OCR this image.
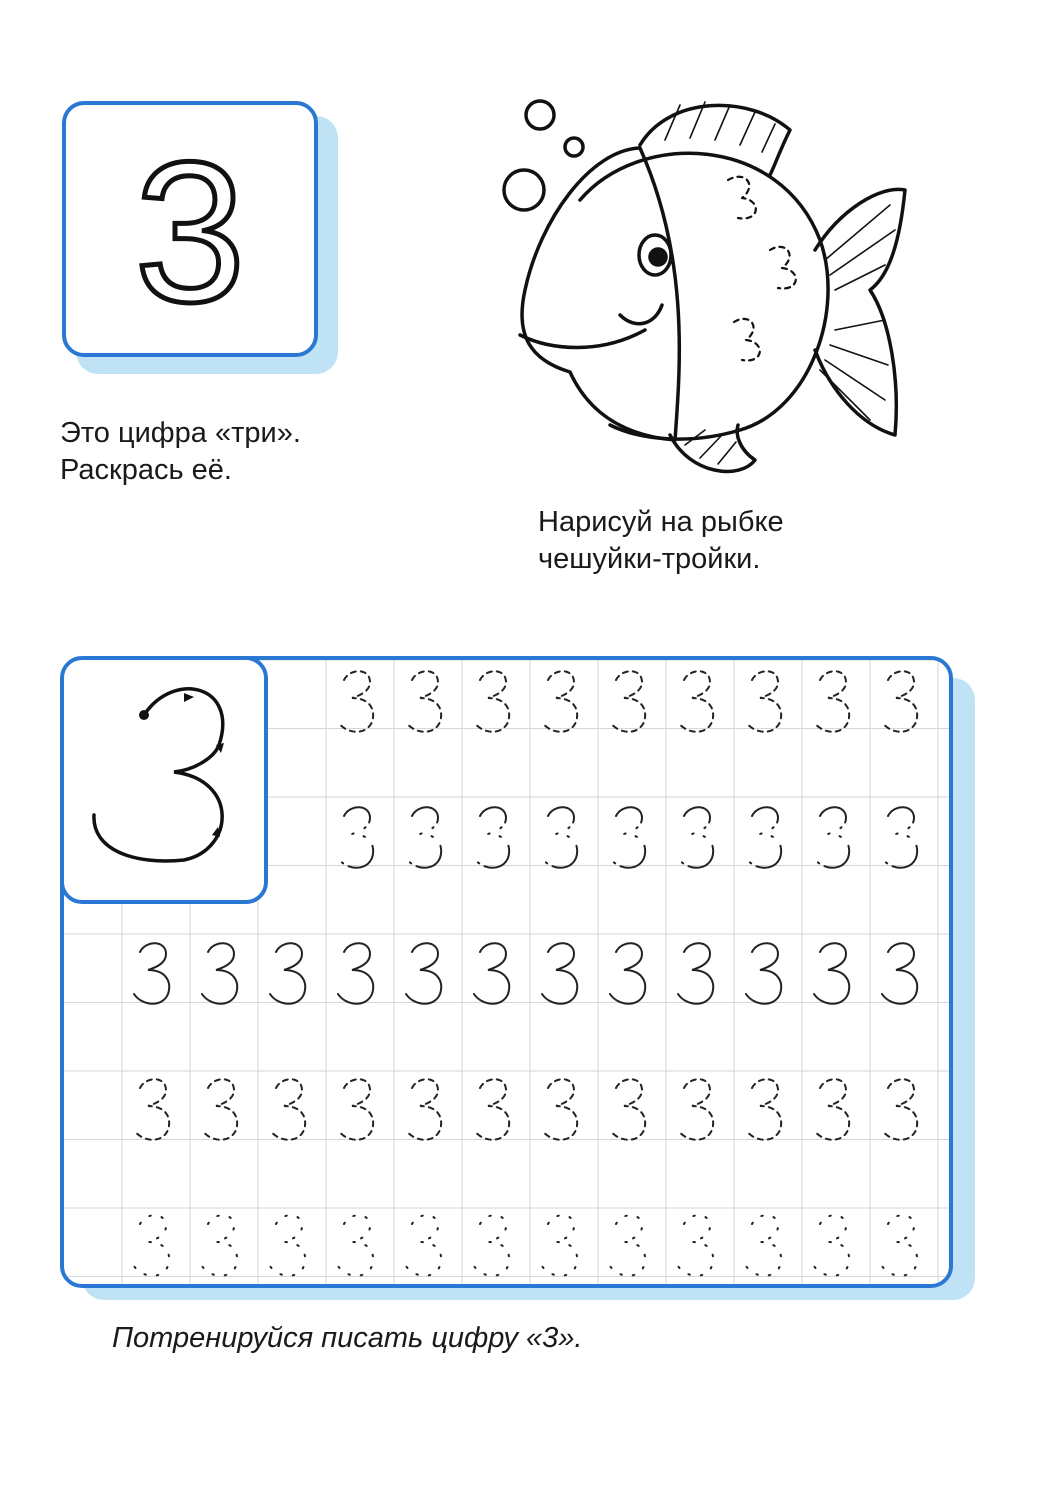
3
Это цифра «три».
Раскрась её.
Нарисуй на рыбке
чешуйки-тройки.
Потренируйся писать цифру «3».
